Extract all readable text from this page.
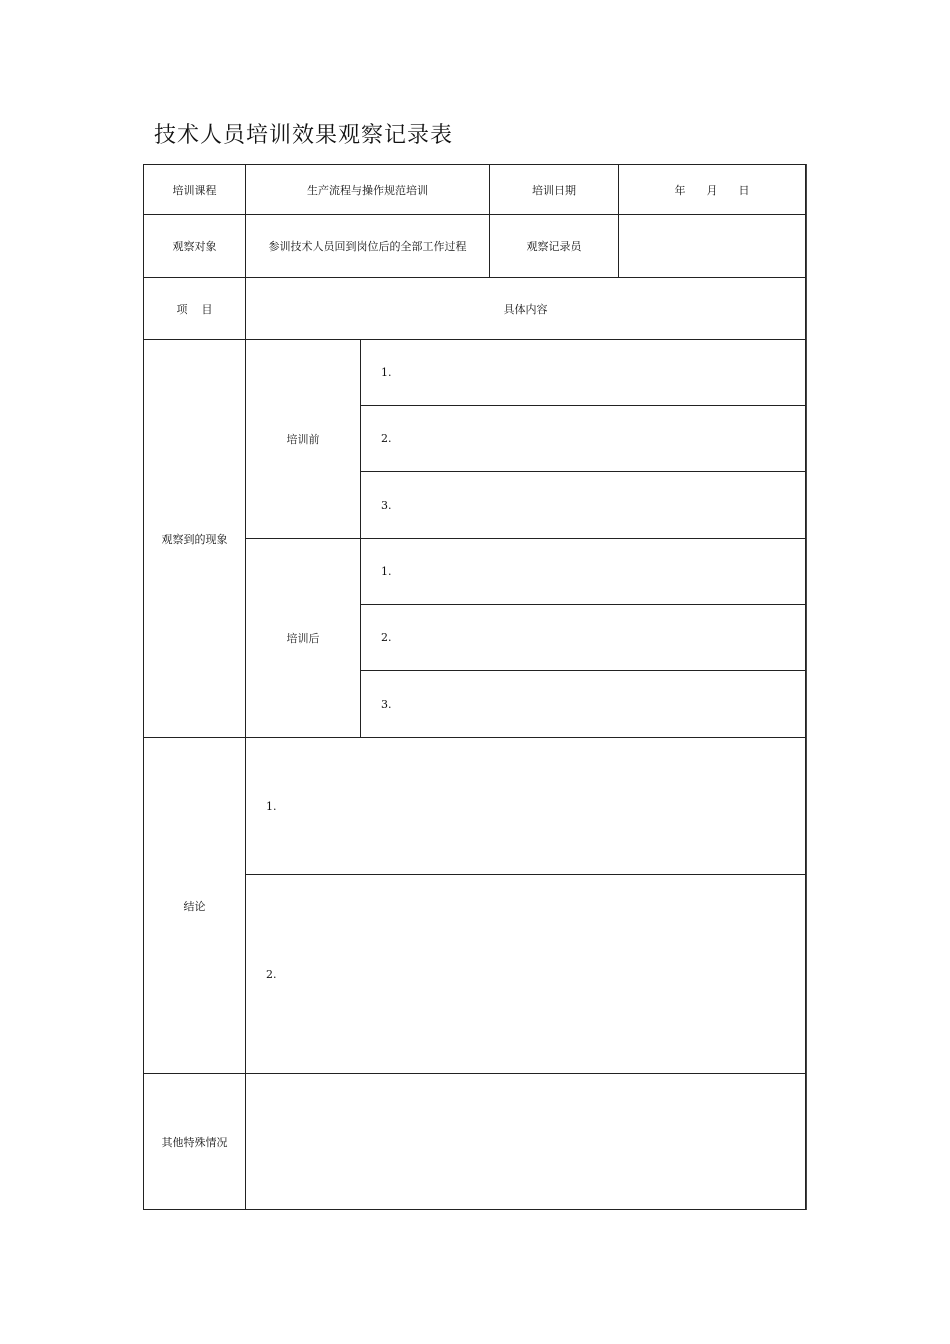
技术人员培训效果观察记录表
培训课程	生产流程与操作规范培训		培训日期	年      月      日
观察对象	参训技术人员回到岗位后的全部工作过程		观察记录员	
项    目	具体内容			
观察到的现象	培训前	1.		
		2.		
		3.		
	培训后	1.		
		2.		
		3.		
结论	1.			
	2.			
其他特殊情况				
